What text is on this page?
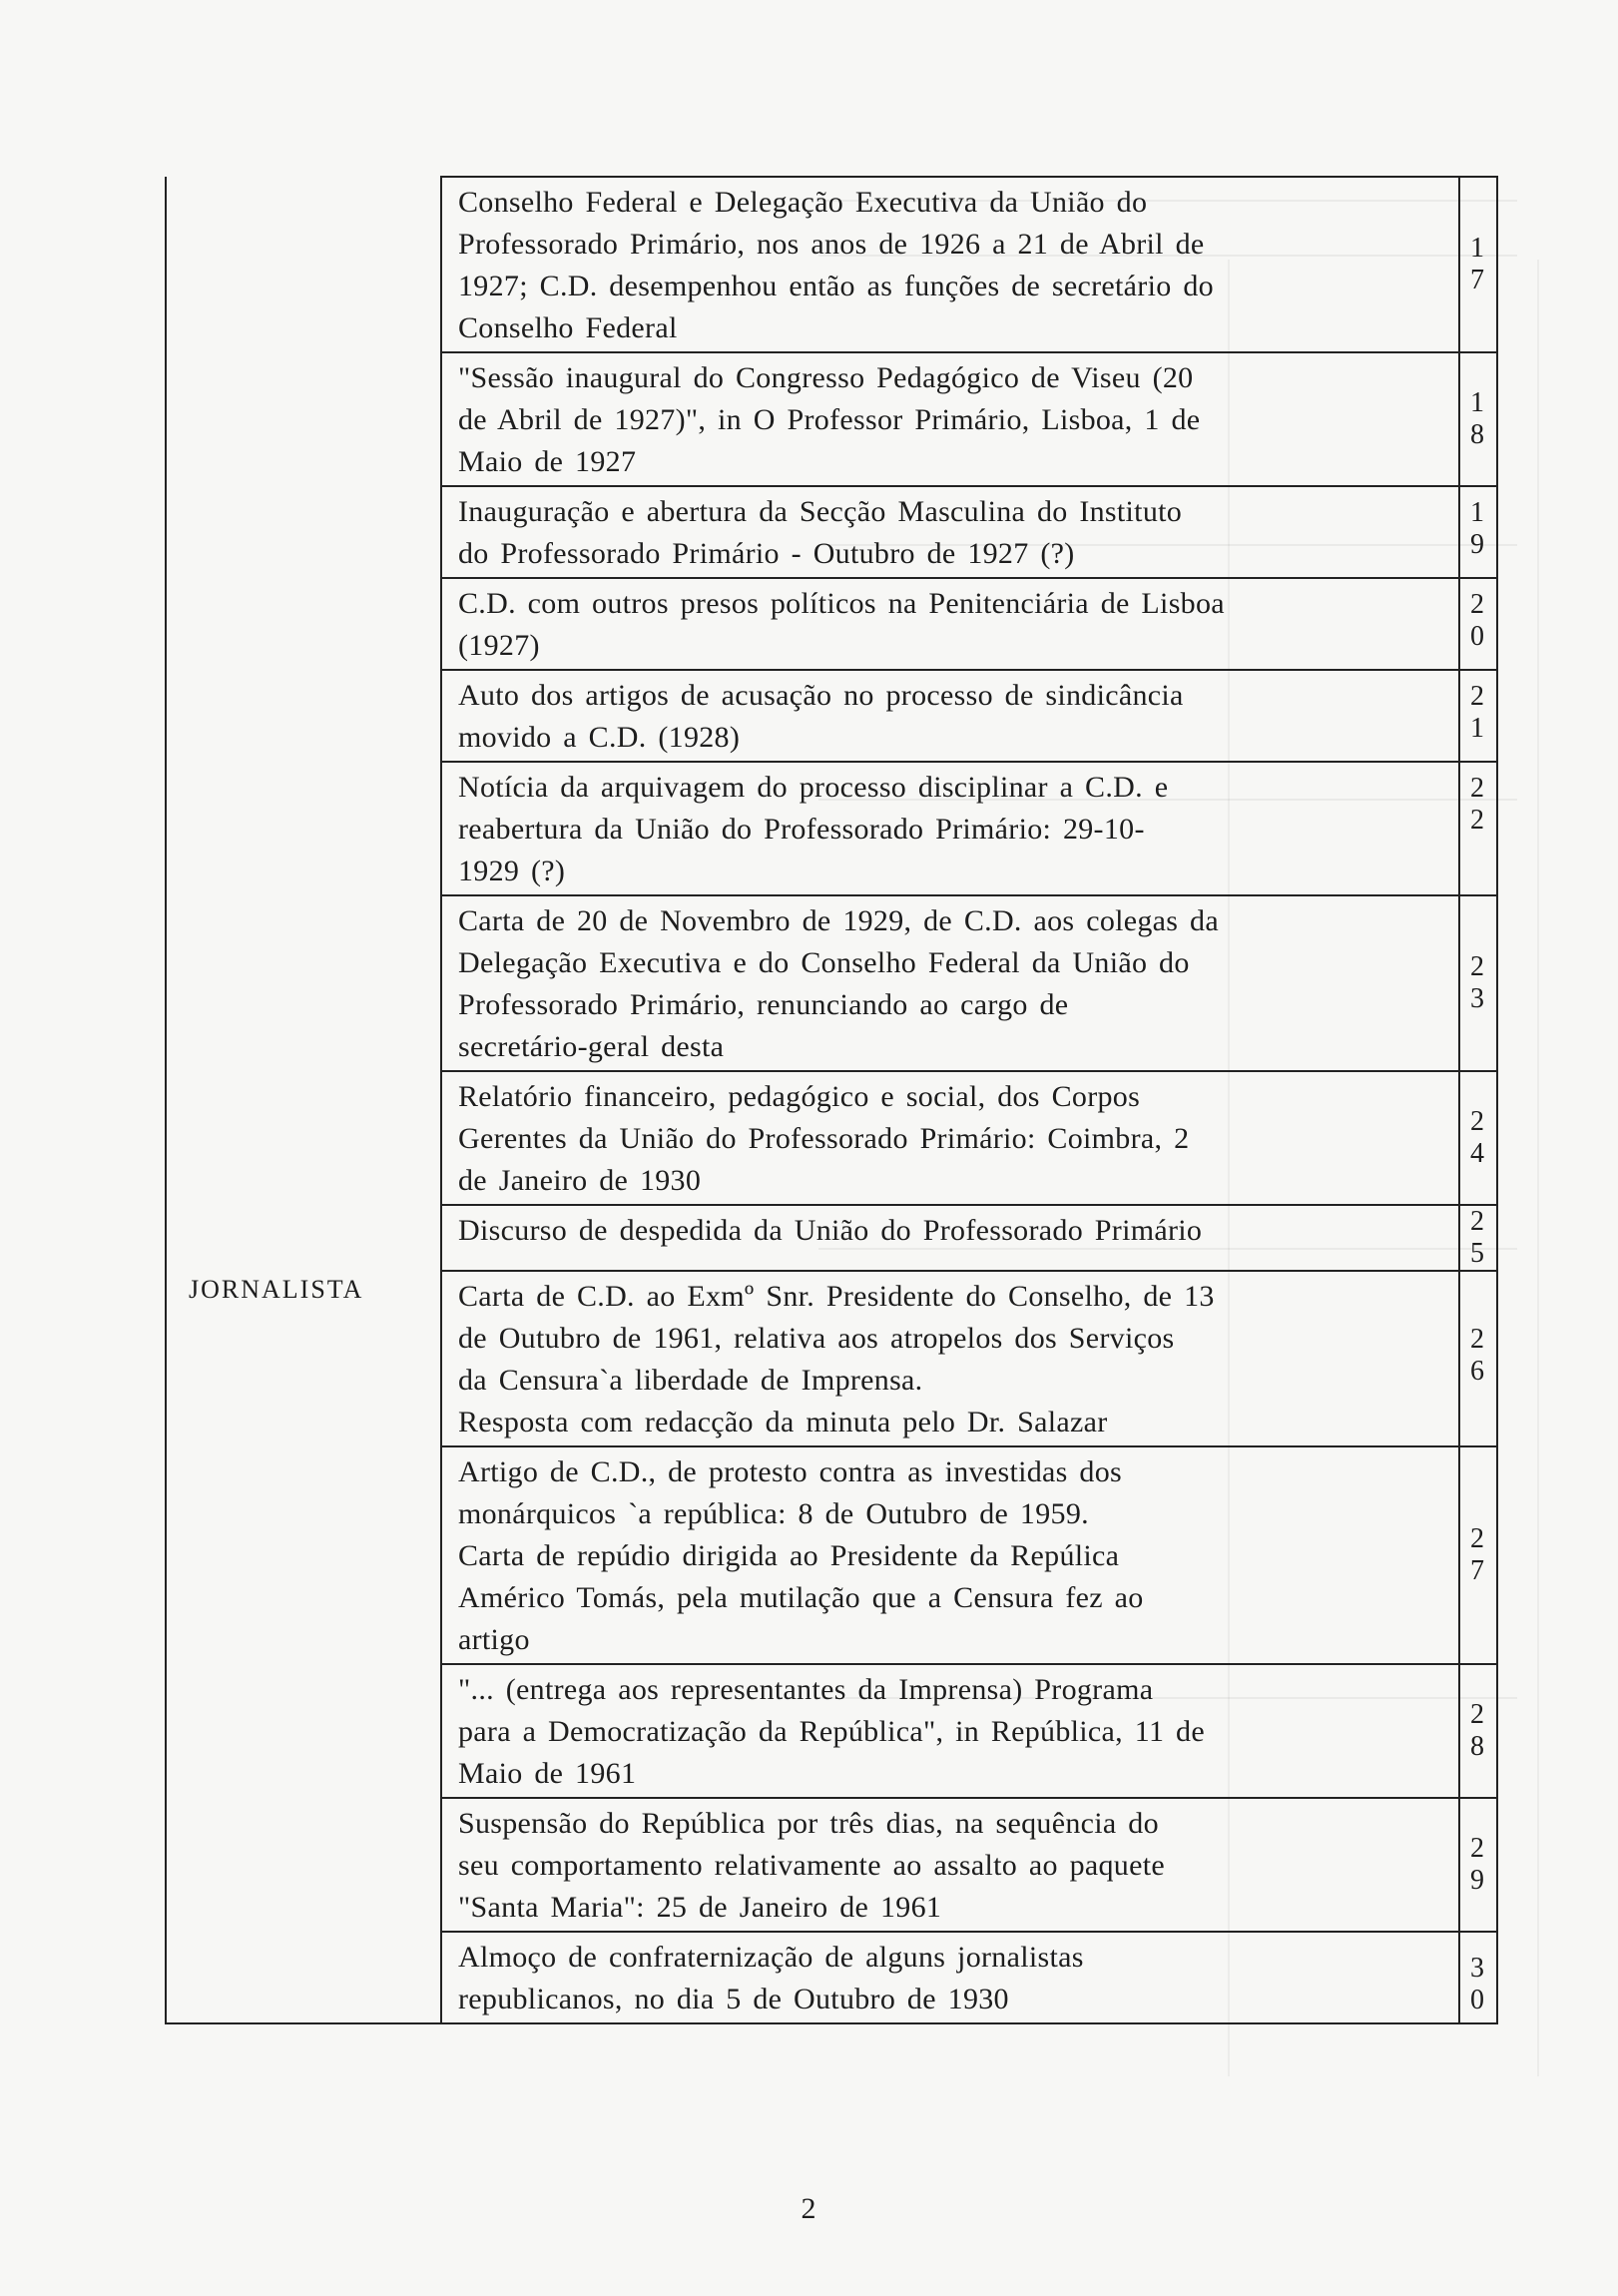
	Conselho Federal e Delegação Executiva da União do
Professorado Primário, nos anos de 1926 a 21 de Abril de
1927; C.D. desempenhou então as funções de secretário do
Conselho Federal	1 7

	"Sessão inaugural do Congresso Pedagógico de Viseu (20
de Abril de 1927)", in O Professor Primário, Lisboa, 1 de
Maio de 1927	1 8

	Inauguração e abertura da Secção Masculina do Instituto
do Professorado Primário - Outubro de 1927 (?)	1 9

	C.D. com outros presos políticos na Penitenciária de Lisboa
(1927)	2 0

	Auto dos artigos de acusação no processo de sindicância
movido a C.D. (1928)	2 1

	Notícia da arquivagem do processo disciplinar a C.D. e
reabertura da União do Professorado Primário: 29-10-
1929 (?)	2 2

	Carta de 20 de Novembro de 1929, de C.D. aos colegas da
Delegação Executiva e do Conselho Federal da União do
Professorado Primário, renunciando ao cargo de
secretário-geral desta	2 3

	Relatório financeiro, pedagógico e social, dos Corpos
Gerentes da União do Professorado Primário: Coimbra, 2
de Janeiro de 1930	2 4

	Discurso de despedida da União do Professorado Primário	2 5
JORNALISTA	Carta de C.D. ao Exmº Snr. Presidente do Conselho, de 13
de Outubro de 1961, relativa aos atropelos dos Serviços
da Censura`a liberdade de Imprensa.
Resposta com redacção da minuta pelo Dr. Salazar	2 6

	Artigo de C.D., de protesto contra as investidas dos
monárquicos `a república: 8 de Outubro de 1959.
Carta de repúdio dirigida ao Presidente da Repúlica
Américo Tomás, pela mutilação que a Censura fez ao
artigo	2 7

	"... (entrega aos representantes da Imprensa) Programa
para a Democratização da República", in República, 11 de
Maio de 1961	2 8

	Suspensão do República por três dias, na sequência do
seu comportamento relativamente ao assalto ao paquete
"Santa Maria": 25 de Janeiro de 1961	2 9

	Almoço de confraternização de alguns jornalistas
republicanos, no dia 5 de Outubro de 1930	3 0
2
